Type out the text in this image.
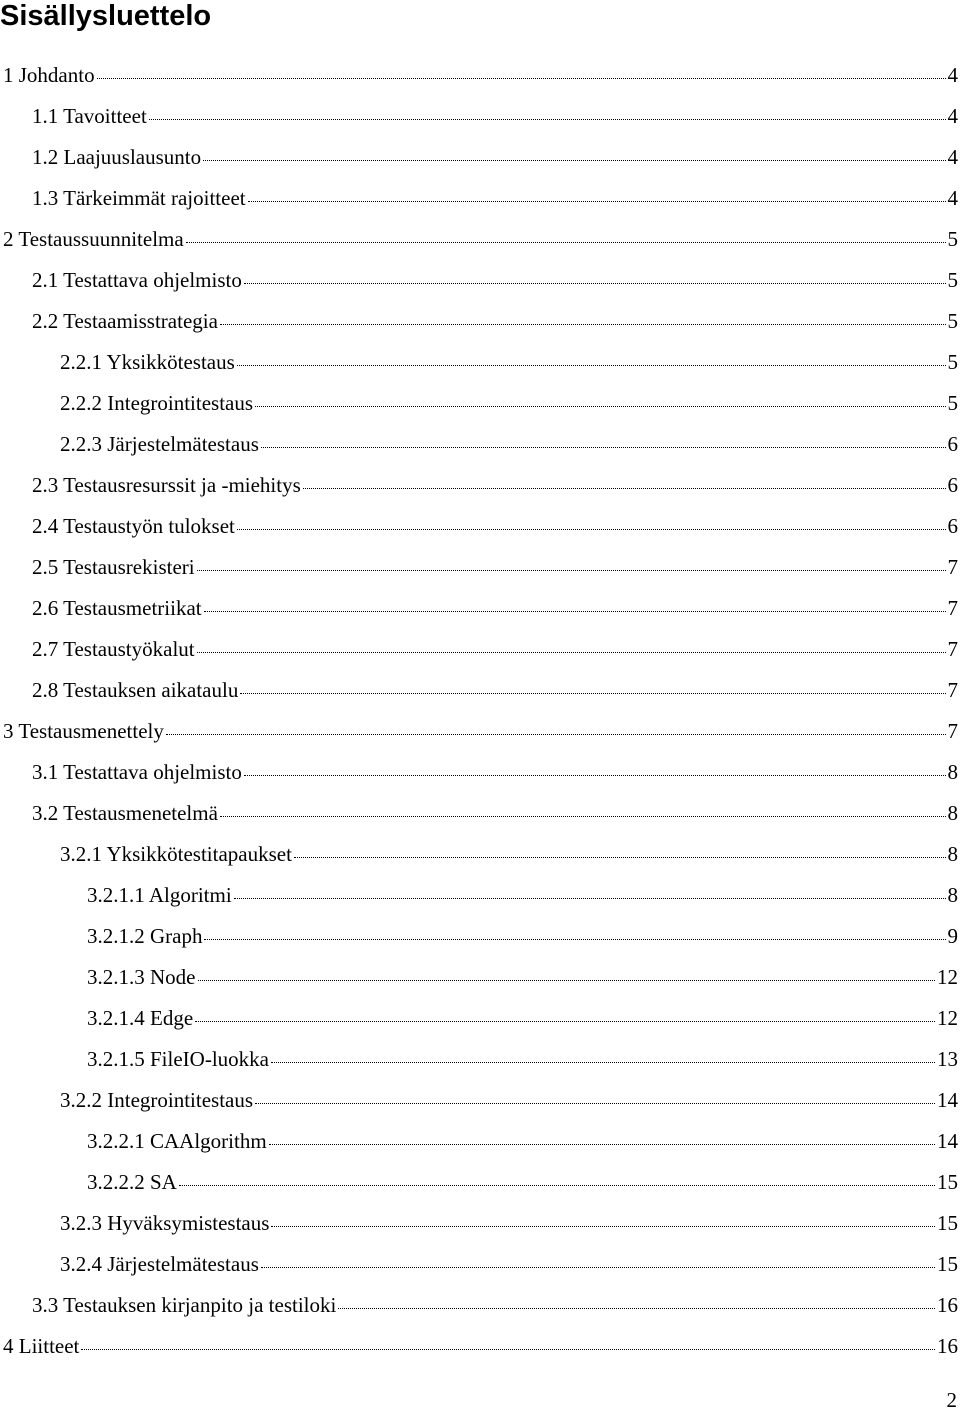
Sisällysluettelo
1 Johdanto	4
1.1 Tavoitteet	4
1.2 Laajuuslausunto	4
1.3 Tärkeimmät rajoitteet	4
2 Testaussuunnitelma	5
2.1 Testattava ohjelmisto	5
2.2 Testaamisstrategia	5
2.2.1 Yksikkötestaus	5
2.2.2 Integrointitestaus	5
2.2.3 Järjestelmätestaus	6
2.3 Testausresurssit ja -miehitys	6
2.4 Testaustyön tulokset	6
2.5 Testausrekisteri	7
2.6 Testausmetriikat	7
2.7 Testaustyökalut	7
2.8 Testauksen aikataulu	7
3 Testausmenettely	7
3.1 Testattava ohjelmisto	8
3.2 Testausmenetelmä	8
3.2.1 Yksikkötestitapaukset	8
3.2.1.1 Algoritmi	8
3.2.1.2 Graph	9
3.2.1.3 Node	12
3.2.1.4 Edge	12
3.2.1.5 FileIO-luokka	13
3.2.2 Integrointitestaus	14
3.2.2.1 CAAlgorithm	14
3.2.2.2 SA	15
3.2.3 Hyväksymistestaus	15
3.2.4 Järjestelmätestaus	15
3.3 Testauksen kirjanpito ja testiloki	16
4 Liitteet	16

2
